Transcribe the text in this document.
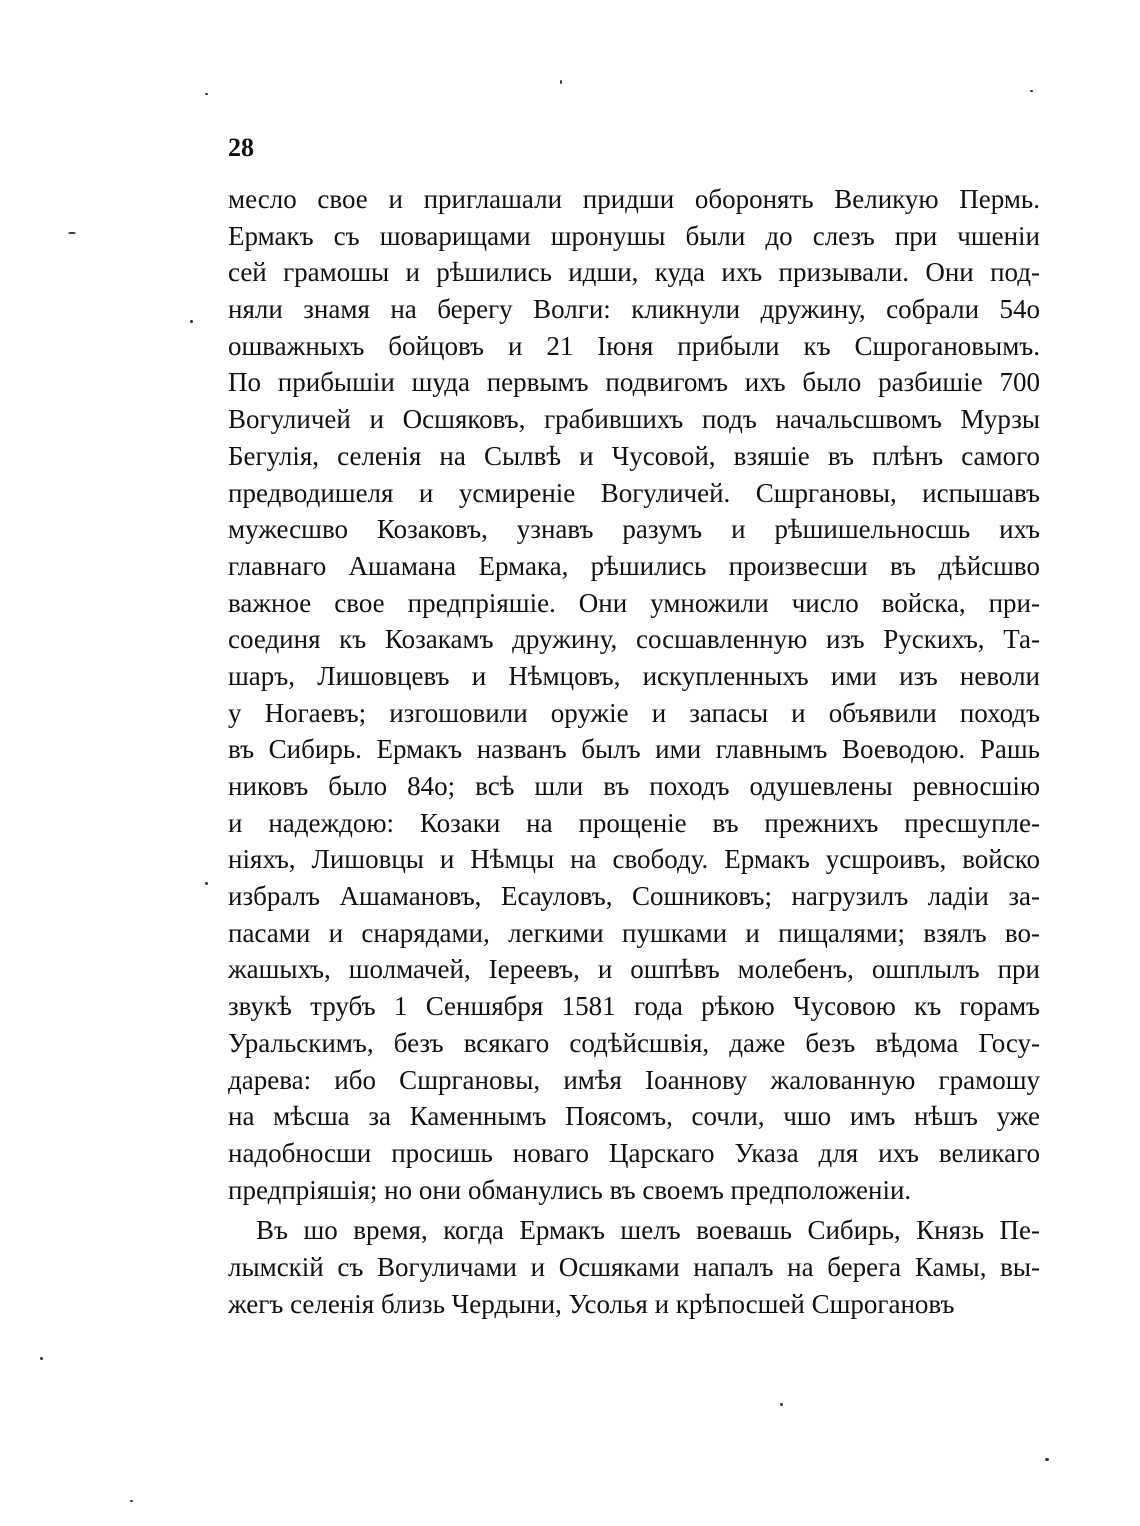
28
месло свое и приглашали придши обoронять Великую Пермь.
Ермакъ съ шоварищами шронушы были до слезъ при чшеніи
сей грамошы и рѣшились идши, куда ихъ призывали. Они под-
няли знамя на берегу Волги: кликнули дружину, собрали 54o
ошважныхъ бойцовъ и 21 Іюня прибыли къ Сшрогановымъ.
По прибышіи шуда первымъ подвигомъ ихъ было разбишіе 700
Вогуличей и Осшяковъ, грабившихъ подъ начальсшвомъ Мурзы
Бегулія, селенія на Сылвѣ и Чусовой, взяшіе въ плѣнъ самого
предводишеля и усмиреніе Вогуличей. Сшргановы, испышавъ
мужесшво Козаковъ, узнавъ разумъ и рѣшишельносшь ихъ
главнаго Ашамана Ермака, рѣшились произвесши въ дѣйсшво
важное свое предпріяшіе. Они умножили число войска, при-
соединя къ Козакамъ дружину, сосшавленную изъ Рускихъ, Та-
шаръ, Лишовцевъ и Нѣмцовъ, искупленныхъ ими изъ неволи
у Ногаевъ; изгошовили оружіе и запасы и объявили походъ
въ Сибирь. Ермакъ названъ былъ ими главнымъ Воеводою. Рашь
никовъ было 84o; всѣ шли въ походъ одушевлены ревносшію
и надеждою: Козаки на прощеніе въ прежнихъ пресшупле-
ніяхъ, Лишовцы и Нѣмцы на свободу. Ермакъ усшроивъ, войско
избралъ Ашамановъ, Есауловъ, Сошниковъ; нагрузилъ ладіи за-
пасами и снарядами, легкими пушками и пищалями; взялъ во-
жашыхъ, шолмачей, Іереевъ, и ошпѣвъ молебенъ, ошплылъ при
звукѣ трубъ 1 Сеншября 1581 года рѣкою Чусовою къ горамъ
Уральскимъ, безъ всякаго содѣйсшвія, даже безъ вѣдома Госу-
дарева: ибо Сшргановы, имѣя Іоаннову жалованную грамошу
на мѣсша за Каменнымъ Поясомъ, сочли, чшо имъ нѣшъ уже
надобносши просишь новаго Царскаго Указа для ихъ великаго
предпріяшія; но они обманулись въ своемъ предположеніи.
Въ шо время, когда Ермакъ шелъ воевашь Сибирь, Князь Пе-
лымскій съ Вогуличами и Осшяками напалъ на берега Камы, вы-
жегъ селенія близь Чердыни, Усолья и крѣпосшей Сшрогановъ
